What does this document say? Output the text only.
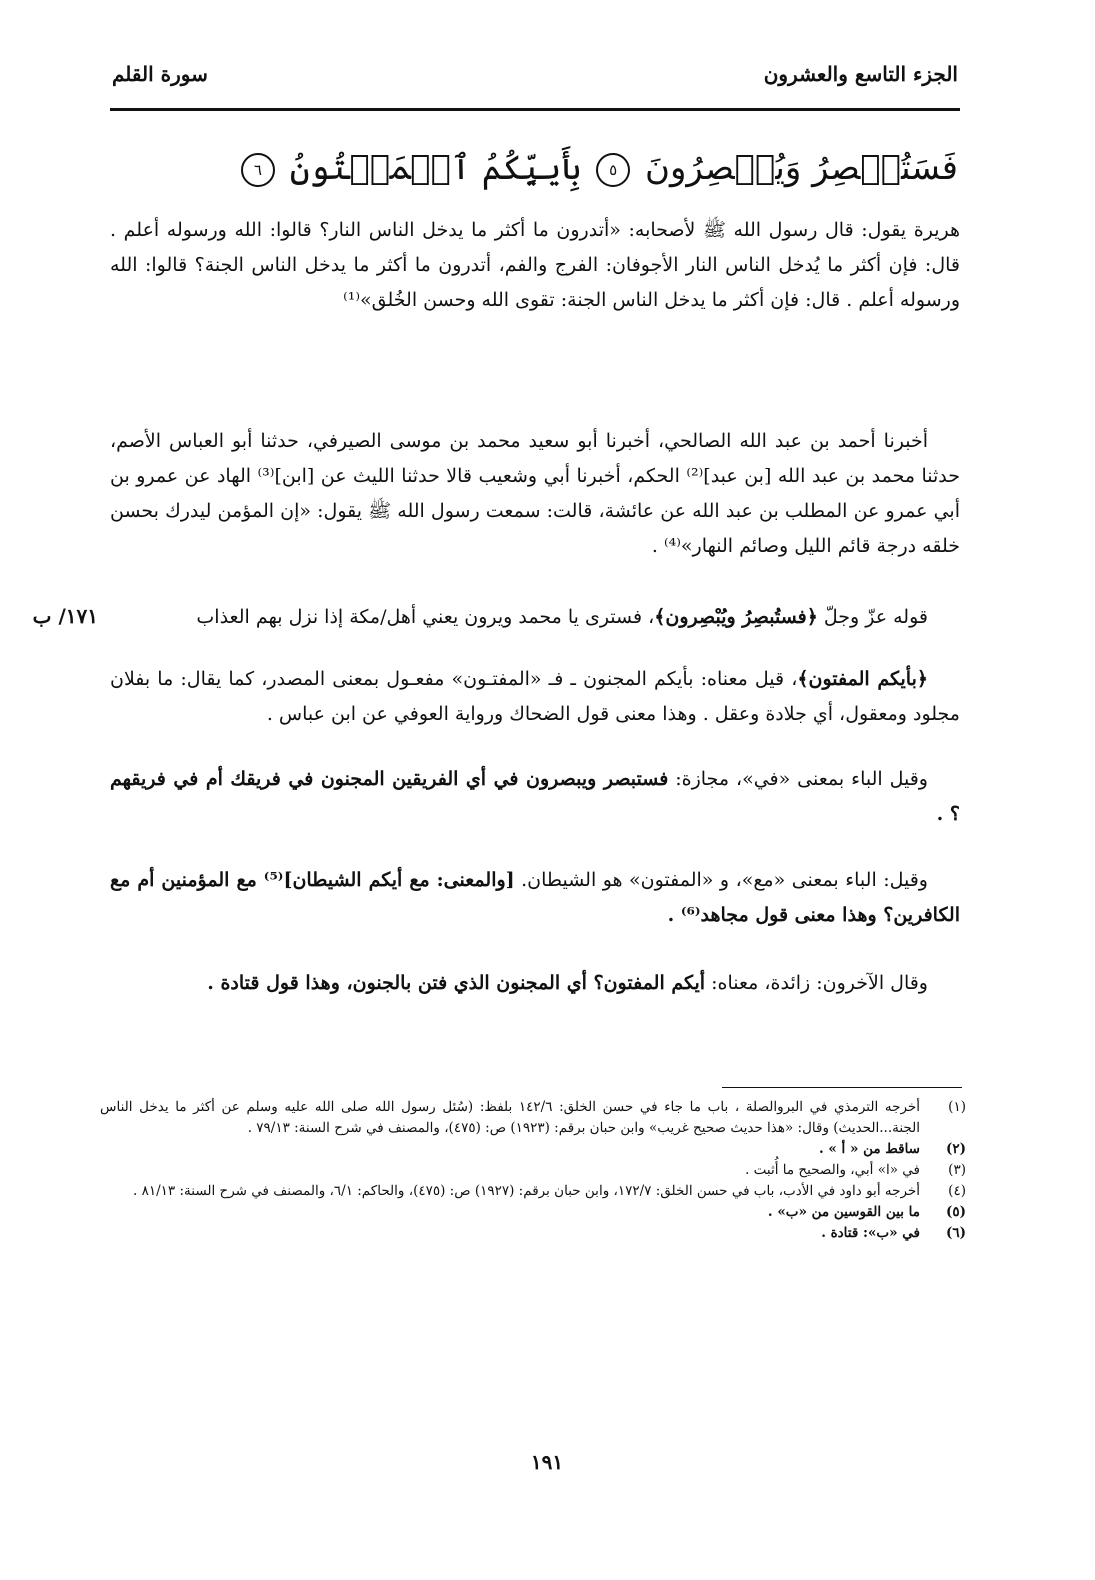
سورة القلم	الجزء التاسع والعشرون
فَسَتُبۡصِرُ وَيُبۡصِرُونَ ٥ بِأَييِّكُمُ ٱلۡمَفۡتُونُ ٦

هريرة يقول: قال رسول الله ﷺ لأصحابه: «أتدرون ما أكثر ما يدخل الناس النار؟ قالوا: الله ورسوله أعلم . قال: فإن أكثر ما يُدخل الناس النار الأجوفان: الفرج والفم، أتدرون ما أكثر ما يدخل الناس الجنة؟ قالوا: الله ورسوله أعلم . قال: فإن أكثر ما يدخل الناس الجنة: تقوى الله وحسن الخُلق»⁽¹⁾

أخبرنا أحمد بن عبد الله الصالحي، أخبرنا أبو سعيد محمد بن موسى الصيرفي، حدثنا أبو العباس الأصم، حدثنا محمد بن عبد الله [بن عبد]⁽²⁾ الحكم، أخبرنا أبي وشعيب قالا حدثنا الليث عن [ابن]⁽³⁾ الهاد عن عمرو بن أبي عمرو عن المطلب بن عبد الله عن عائشة، قالت: سمعت رسول الله ﷺ يقول: «إن المؤمن ليدرك بحسن خلقه درجة قائم الليل وصائم النهار»⁽⁴⁾ .

١٧١/ ب	قوله عزّ وجلّ ﴿فستُبصِرُ ويُبْصِرون﴾، فسترى يا محمد ويرون يعني أهل/مكة إذا نزل بهم العذاب

﴿بأيكم المفتون﴾، قيل معناه: بأيكم المجنون ـ فـ «المفتـون» مفعـول بمعنى المصدر، كما يقال: ما بفلان مجلود ومعقول، أي جلادة وعقل . وهذا معنى قول الضحاك ورواية العوفي عن ابن عباس .

وقيل الباء بمعنى «في»، مجازة: فستبصر ويبصرون في أي الفريقين المجنون في فريقك أم في فريقهم ؟ .

وقيل: الباء بمعنى «مع»، و «المفتون» هو الشيطان. [والمعنى: مع أيكم الشيطان]⁽⁵⁾ مع المؤمنين أم مع الكافرين؟ وهذا معنى قول مجاهد⁽⁶⁾ .

وقال الآخرون: زائدة، معناه: أيكم المفتون؟ أي المجنون الذي فتن بالجنون، وهذا قول قتادة .

(١)
أخرجه الترمذي في البروالصلة ، باب ما جاء في حسن الخلق: ١٤٢/٦ بلفظ: (سُئل رسول الله صلى الله عليه وسلم عن أكثر ما يدخل الناس الجنة...الحديث) وقال: «هذا حديث صحيح غريب» وابن حبان برقم: (١٩٢٣) ص: (٤٧٥)، والمصنف في شرح السنة: ٧٩/١٣ .
(٢)
ساقط من « أ » .
(٣)
في «ا» أبي، والصحيح ما أُثبت .
(٤)
أخرجه أبو داود في الأدب، باب في حسن الخلق: ١٧٢/٧، وابن حبان برقم: (١٩٢٧) ص: (٤٧٥)، والحاكم: ٦/١، والمصنف في شرح السنة: ٨١/١٣ .
(٥)
ما بين القوسين من «ب» .
(٦)
في «ب»: قتادة .
١٩١
